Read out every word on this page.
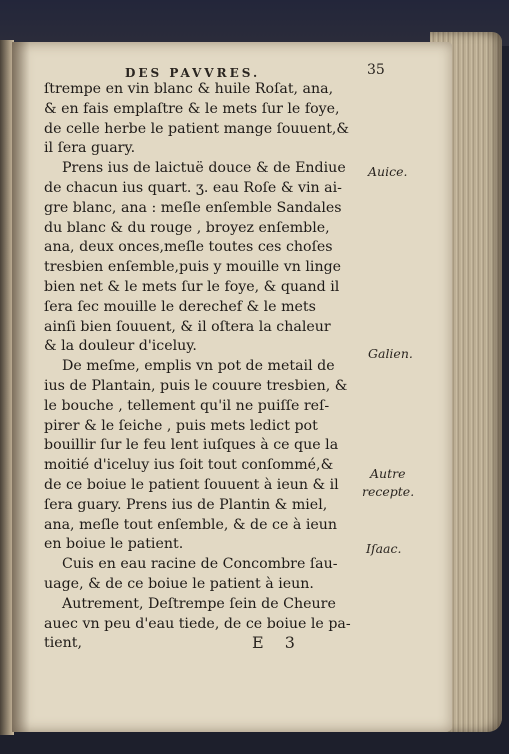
DES PAVVRES.	35
ſtrempe en vin blanc & huile Roſat, ana,
& en fais emplaſtre & le mets ſur le foye,
de celle herbe le patient mange ſouuent,&
il ſera guary.
Prens ius de laictuë douce & de Endiue
de chacun ius quart. ʒ. eau Roſe & vin ai-
gre blanc, ana : meſle enſemble Sandales
du blanc & du rouge , broyez enſemble,
ana, deux onces,meſle toutes ces choſes
tresbien enſemble,puis y mouille vn linge
bien net & le mets ſur le foye, & quand il
ſera ſec mouille le derechef & le mets
ainſi bien ſouuent, & il oſtera la chaleur
& la douleur d'iceluy.
De meſme, emplis vn pot de metail de
ius de Plantain, puis le couure tresbien, &
le bouche , tellement qu'il ne puiſſe reſ-
pirer & le ſeiche , puis mets ledict pot
bouillir ſur le feu lent iuſques à ce que la
moitié d'iceluy ius ſoit tout conſommé,&
de ce boiue le patient ſouuent à ieun & il
ſera guary. Prens ius de Plantin & miel,
ana, meſle tout enſemble, & de ce à ieun
en boiue le patient.
Cuis en eau racine de Concombre ſau-
uage, & de ce boiue le patient à ieun.
Autrement, Deſtrempe ſein de Cheure
auec vn peu d'eau tiede, de ce boiue le pa-
tient,
Auice.
Galien.
Autre
recepte.
Iſaac.
E 3
